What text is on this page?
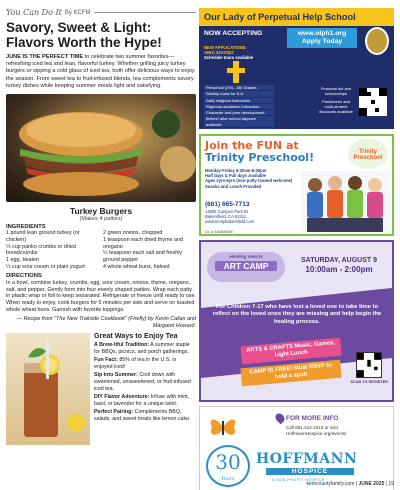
You Can Do It By KCFM
Savory, Sweet & Light: Flavors Worth the Hype!

JUNE IS THE PERFECT TIME to celebrate two summer favorites—refreshing iced tea and lean, flavorful turkey. Whether grilling juicy turkey burgers or sipping a cold glass of iced tea, both offer delicious ways to enjoy the season. From sweet tea to fruit-infused blends, tea complements savory turkey dishes while keeping summer meals light and satisfying.

Turkey Burgers
(Makes 4 patties)
INGREDIENTS

1 pound lean ground turkey (or chicken)

⅓ cup panko crumbs or dried breadcrumbs

1 egg, beaten

¼ cup sour cream or plain yogurt

2 green onions, chopped

1 teaspoon each dried thyme and oregano

½ teaspoon each salt and freshly ground pepper

4 whole wheat buns, halved

DIRECTIONS

In a bowl, combine turkey, crumbs, egg, sour cream, onions, thyme, oregano, salt, and pepper. Gently form into four evenly shaped patties. Wrap each patty in plastic wrap or foil to keep separated. Refrigerate or freeze until ready to use.

When ready to enjoy, cook burgers for 6 minutes per side and serve on toasted whole wheat buns. Garnish with favorite toppings.

— Recipe from "The New Trailside Cookbook" (Firefly) by Kevin Callan and Margaret Howard.

Great Ways to Enjoy Tea

A Brew-tiful Tradition: A summer staple for BBQs, picnics, and porch gatherings.

Fun Fact: 85% of tea in the U.S. is enjoyed iced!

Sip into Summer: Cool down with sweetened, unsweetened, or fruit-infused iced tea.

DIY Flavor Adventure: Infuse with mint, basil, or lavender for a unique twist.

Perfect Pairing: Complements BBQ, salads, and sweet treats like lemon cake.

Our Lady of Perpetual Help School
NOW ACCEPTING
NEW APPLICATIONS
1661) 323-0022
Schedule tours available
www.olph1.org
Apply Today
Preschool (2½) - 8th Grades
Weekly mass for K-8
Daily religious instruction
Rigorous academic instruction
Character and peer development
Before/ after school daycare available
Financial aid and scholarships
Parishioner and multi-student discounts available
Join the FUN at
Trinity Preschool!	Trinity Preschool
Monday-Friday 6:30am-6:00pm
Half days & Full days available
Ages 2yrs-6yrs (non-potty trained welcome)
Snacks and Lunch Provided
(661) 665-7713
11500 Campus Park Dr
Bakersfield, CA 93311
www.trinitybakersfield.com
LIC # 153800005
Healing Hearts
ART CAMP
SATURDAY, AUGUST 9
10:00am - 2:00pm
For Children 7-17 who have lost a loved one to take time to reflect on the loved ones they are missing and help begin the healing process.
ARTS & CRAFTS Music, Games, Light Lunch
CAMP IS FREE! Must RSVP to hold a spot!
SCAN TO REGISTER
FOR MORE INFO
Call 661.410.1010 or visit HoffmannHospice.org/events/
30
Years
HOFFMANN
HOSPICE
A NON-PROFIT HOSPICE
kerncountyfamily.com | JUNE 2025 | 19
